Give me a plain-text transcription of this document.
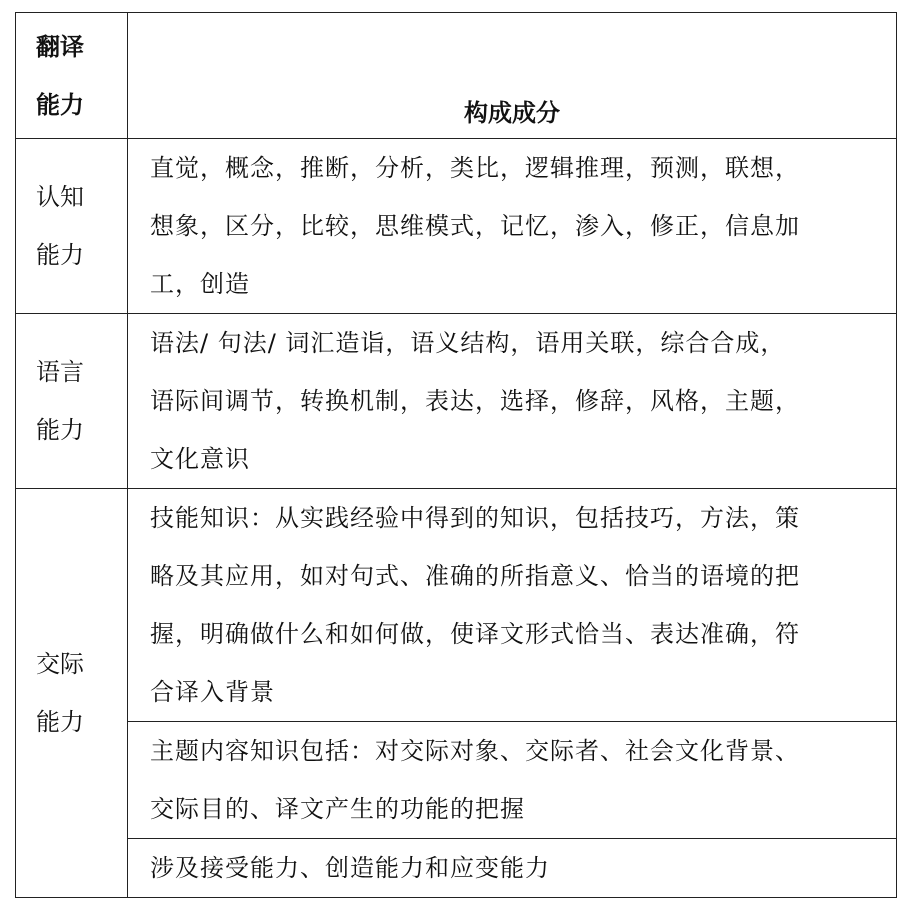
翻译
能力	构成成分

认知
能力	直觉，概念，推断，分析，类比，逻辑推理，预测，联想，
想象，区分，比较，思维模式，记忆，渗入，修正，信息加
工，创造

语言
能力	语法/ 句法/ 词汇造诣，语义结构，语用关联，综合合成，
语际间调节，转换机制，表达，选择，修辞，风格，主题，
文化意识

交际
能力	技能知识：从实践经验中得到的知识，包括技巧，方法，策
略及其应用，如对句式、准确的所指意义、恰当的语境的把
握，明确做什么和如何做，使译文形式恰当、表达准确，符
合译入背景

	主题内容知识包括：对交际对象、交际者、社会文化背景、
交际目的、译文产生的功能的把握

	涉及接受能力、创造能力和应变能力
